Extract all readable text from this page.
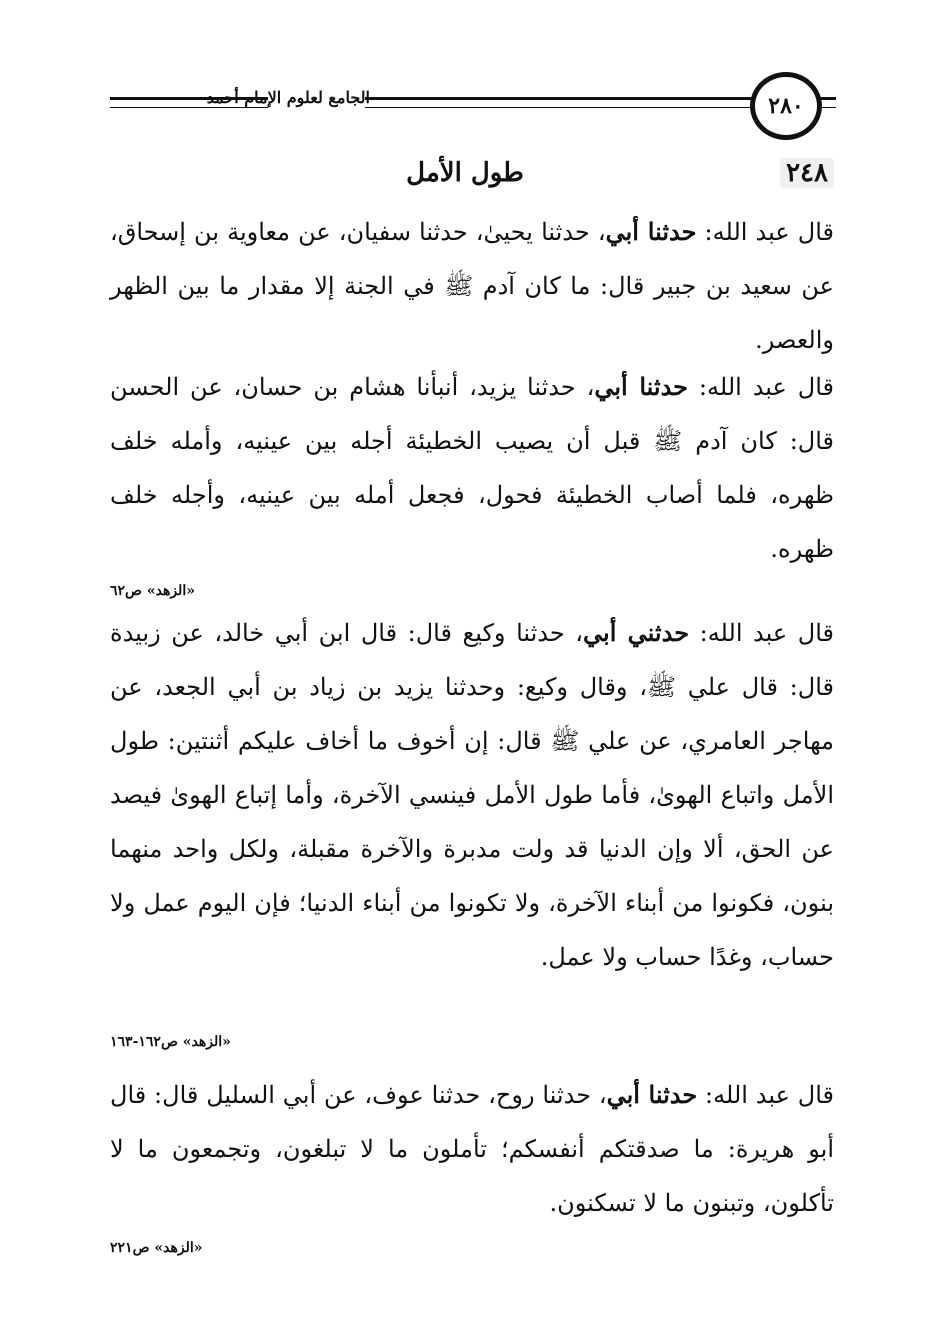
الجامع لعلوم الإمام أحمد	٢٨٠
٢٤٨
طول الأمل

قال عبد الله: حدثنا أبي، حدثنا يحيىٰ، حدثنا سفيان، عن معاوية بن إسحاق، عن سعيد بن جبير قال: ما كان آدم ﷺ في الجنة إلا مقدار ما بين الظهر والعصر.

«الزهد» ص٦٢

قال عبد الله: حدثنا أبي، حدثنا يزيد، أنبأنا هشام بن حسان، عن الحسن قال: كان آدم ﷺ قبل أن يصيب الخطيئة أجله بين عينيه، وأمله خلف ظهره، فلما أصاب الخطيئة فحول، فجعل أمله بين عينيه، وأجله خلف ظهره.

قال عبد الله: حدثني أبي، حدثنا وكيع قال: قال ابن أبي خالد، عن زبيدة قال: قال علي ﷺ، وقال وكيع: وحدثنا يزيد بن زياد بن أبي الجعد، عن مهاجر العامري، عن علي ﷺ قال: إن أخوف ما أخاف عليكم أثنتين: طول الأمل واتباع الهوىٰ، فأما طول الأمل فينسي الآخرة، وأما إتباع الهوىٰ فيصد عن الحق، ألا وإن الدنيا قد ولت مدبرة والآخرة مقبلة، ولكل واحد منهما بنون، فكونوا من أبناء الآخرة، ولا تكونوا من أبناء الدنيا؛ فإن اليوم عمل ولا حساب، وغدًا حساب ولا عمل.

«الزهد» ص١٦٢-١٦٣

قال عبد الله: حدثنا أبي، حدثنا روح، حدثنا عوف، عن أبي السليل قال: قال أبو هريرة: ما صدقتكم أنفسكم؛ تأملون ما لا تبلغون، وتجمعون ما لا تأكلون، وتبنون ما لا تسكنون.

«الزهد» ص٢٢١
